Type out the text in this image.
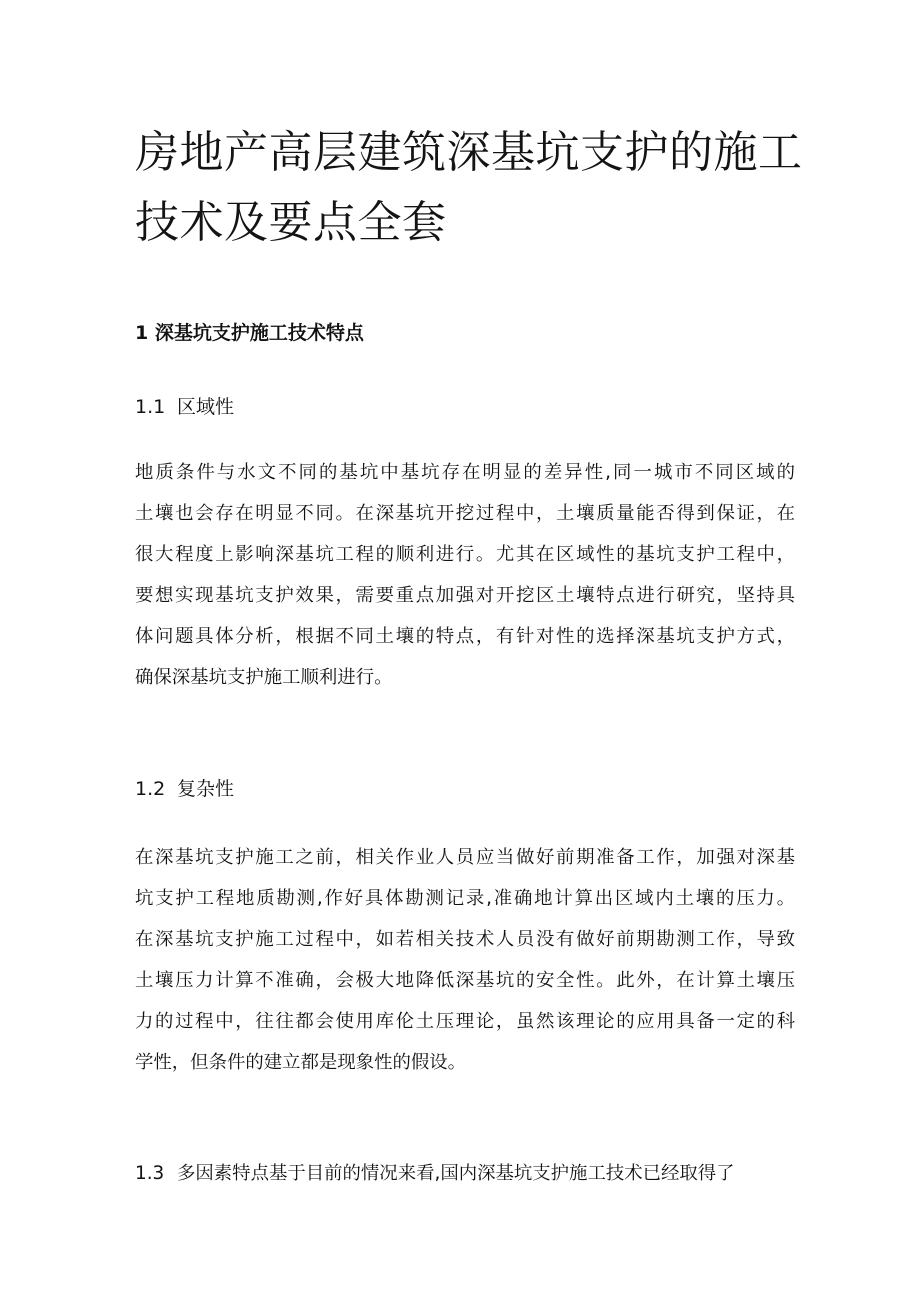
房地产高层建筑深基坑支护的施工
技术及要点全套
1 深基坑支护施工技术特点
1.1 区域性
地质条件与水文不同的基坑中基坑存在明显的差异性,同一城市不同区域的
土壤也会存在明显不同。在深基坑开挖过程中，土壤质量能否得到保证，在
很大程度上影响深基坑工程的顺利进行。尤其在区域性的基坑支护工程中，
要想实现基坑支护效果，需要重点加强对开挖区土壤特点进行研究，坚持具
体问题具体分析，根据不同土壤的特点，有针对性的选择深基坑支护方式，
确保深基坑支护施工顺利进行。
1.2 复杂性
在深基坑支护施工之前，相关作业人员应当做好前期准备工作，加强对深基
坑支护工程地质勘测,作好具体勘测记录,准确地计算出区域内土壤的压力。
在深基坑支护施工过程中，如若相关技术人员没有做好前期勘测工作，导致
土壤压力计算不准确，会极大地降低深基坑的安全性。此外，在计算土壤压
力的过程中，往往都会使用库伦土压理论，虽然该理论的应用具备一定的科
学性，但条件的建立都是现象性的假设。

1.3 多因素特点基于目前的情况来看,国内深基坑支护施工技术已经取得了
